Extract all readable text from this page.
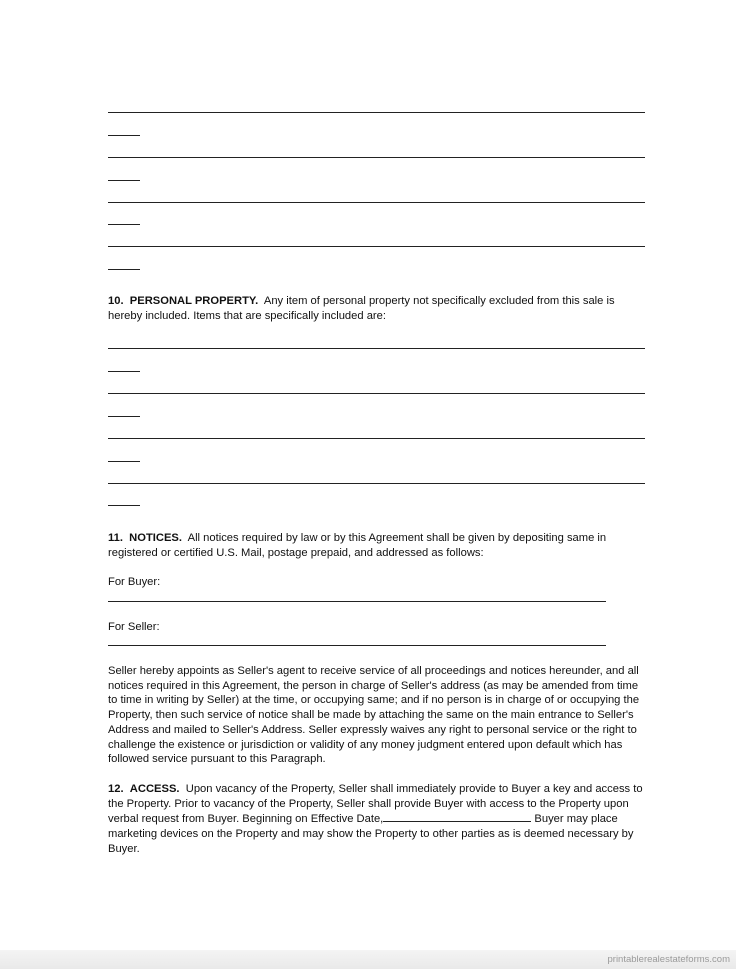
10. PERSONAL PROPERTY. Any item of personal property not specifically excluded from this sale is hereby included. Items that are specifically included are:

11. NOTICES. All notices required by law or by this Agreement shall be given by depositing same in registered or certified U.S. Mail, postage prepaid, and addressed as follows:

For Buyer:
For Seller:

Seller hereby appoints as Seller's agent to receive service of all proceedings and notices hereunder, and all notices required in this Agreement, the person in charge of Seller's address (as may be amended from time to time in writing by Seller) at the time, or occupying same; and if no person is in charge of or occupying the Property, then such service of notice shall be made by attaching the same on the main entrance to Seller's Address and mailed to Seller's Address. Seller expressly waives any right to personal service or the right to challenge the existence or jurisdiction or validity of any money judgment entered upon default which has followed service pursuant to this Paragraph.

12. ACCESS. Upon vacancy of the Property, Seller shall immediately provide to Buyer a key and access to the Property. Prior to vacancy of the Property, Seller shall provide Buyer with access to the Property upon verbal request from Buyer. Beginning on Effective Date,	Buyer may place marketing devices on the Property and may show the Property to other parties as is deemed necessary by Buyer.

printablerealestateforms.com
